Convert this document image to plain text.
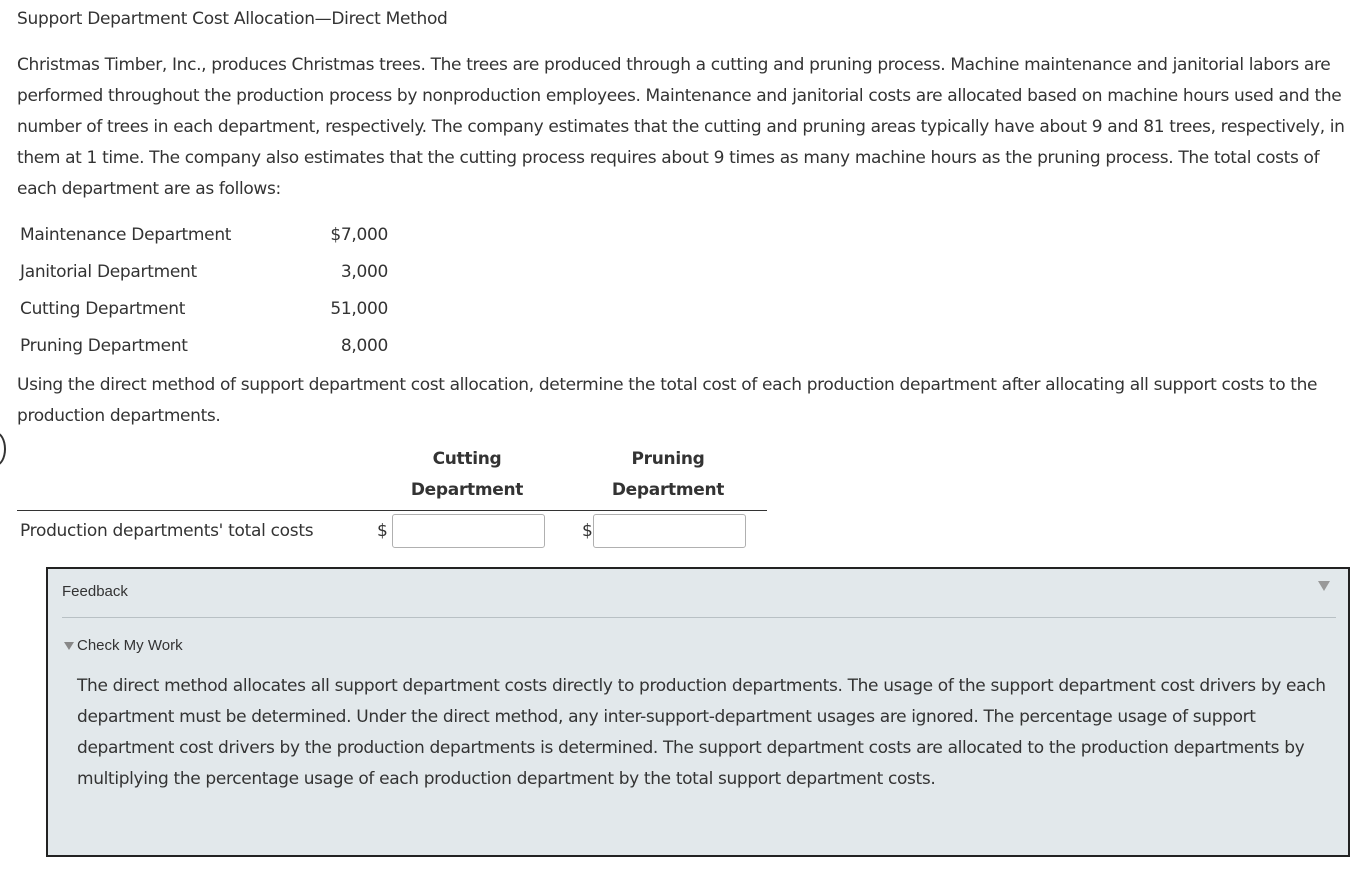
Support Department Cost Allocation—Direct Method

Christmas Timber, Inc., produces Christmas trees. The trees are produced through a cutting and pruning process. Machine maintenance and janitorial labors are performed throughout the production process by nonproduction employees. Maintenance and janitorial costs are allocated based on machine hours used and the number of trees in each department, respectively. The company estimates that the cutting and pruning areas typically have about 9 and 81 trees, respectively, in them at 1 time. The company also estimates that the cutting process requires about 9 times as many machine hours as the pruning process. The total costs of each department are as follows:

Maintenance Department	$7,000
Janitorial Department	3,000
Cutting Department	51,000
Pruning Department	8,000

Using the direct method of support department cost allocation, determine the total cost of each production department after allocating all support costs to the production departments.

Cutting
Department
Pruning
Department
Production departments' total costs	$	$
Feedback
Check My Work

The direct method allocates all support department costs directly to production departments. The usage of the support department cost drivers by each department must be determined. Under the direct method, any inter-support-department usages are ignored. The percentage usage of support department cost drivers by the production departments is determined. The support department costs are allocated to the production departments by multiplying the percentage usage of each production department by the total support department costs.
